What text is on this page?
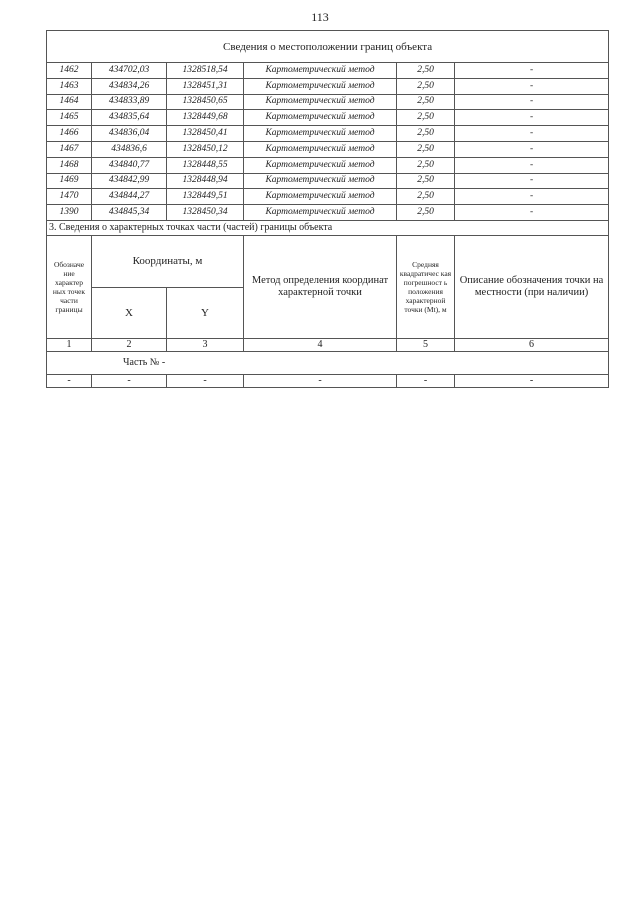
113
Сведения о местоположении границ объекта					
1462	434702,03	1328518,54	Картометрический метод	2,50	-
1463	434834,26	1328451,31	Картометрический метод	2,50	-
1464	434833,89	1328450,65	Картометрический метод	2,50	-
1465	434835,64	1328449,68	Картометрический метод	2,50	-
1466	434836,04	1328450,41	Картометрический метод	2,50	-
1467	434836,6	1328450,12	Картометрический метод	2,50	-
1468	434840,77	1328448,55	Картометрический метод	2,50	-
1469	434842,99	1328448,94	Картометрический метод	2,50	-
1470	434844,27	1328449,51	Картометрический метод	2,50	-
1390	434845,34	1328450,34	Картометрический метод	2,50	-
3. Сведения о характерных точках части (частей) границы объекта					
Обозначе ние характер ных точек части границы	Координаты, м		Метод определения координат характерной точки	Средняя квадратичес кая погрешност ь положения характерной точки (Mt), м	Описание обозначения точки на местности (при наличии)
	X	Y			
1	2	3	4	5	6
Часть № -					
-	-	-	-	-	-
